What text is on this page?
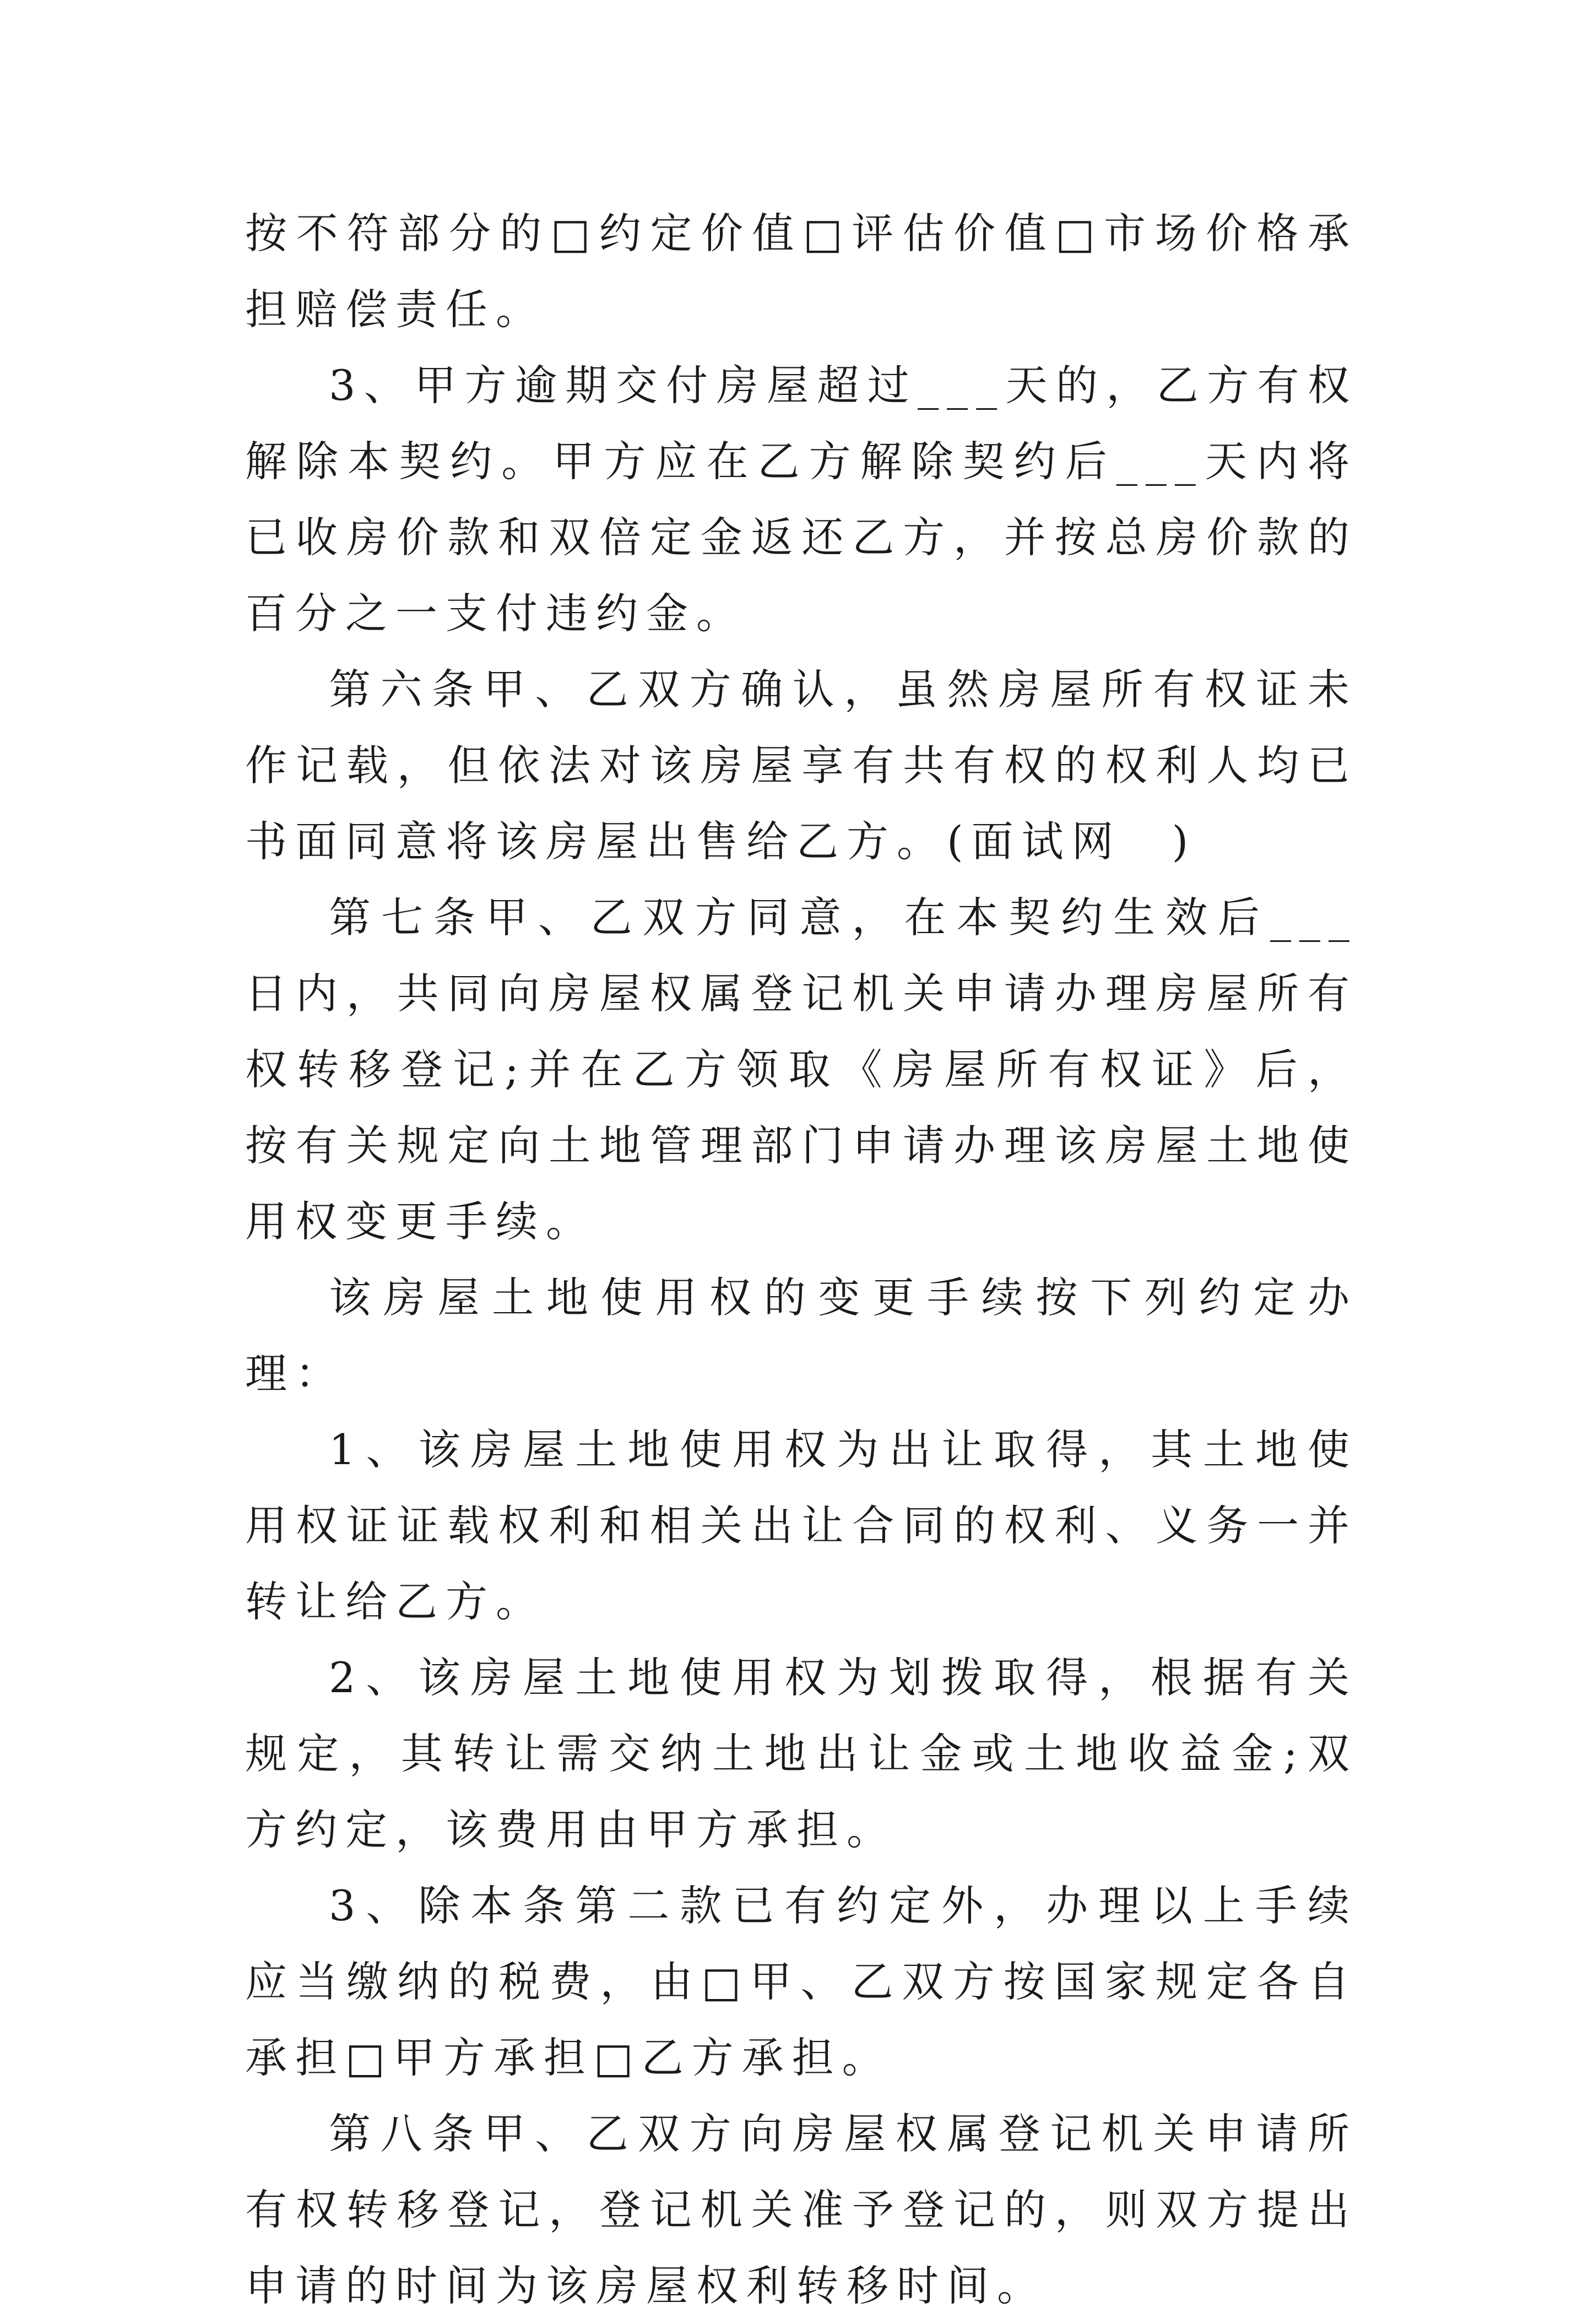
按不符部分的□约定价值□评估价值□市场价格承担赔偿责任。

3、甲方逾期交付房屋超过___天的，乙方有权解除本契约。甲方应在乙方解除契约后___天内将已收房价款和双倍定金返还乙方，并按总房价款的百分之一支付违约金。

第六条甲、乙双方确认，虽然房屋所有权证未作记载，但依法对该房屋享有共有权的权利人均已书面同意将该房屋出售给乙方。(面试网　)

第七条甲、乙双方同意，在本契约生效后___日内，共同向房屋权属登记机关申请办理房屋所有权转移登记;并在乙方领取《房屋所有权证》后，按有关规定向土地管理部门申请办理该房屋土地使用权变更手续。

该房屋土地使用权的变更手续按下列约定办理：

1、该房屋土地使用权为出让取得，其土地使用权证证载权利和相关出让合同的权利、义务一并转让给乙方。

2、该房屋土地使用权为划拨取得，根据有关规定，其转让需交纳土地出让金或土地收益金;双方约定，该费用由甲方承担。

3、除本条第二款已有约定外，办理以上手续应当缴纳的税费，由□甲、乙双方按国家规定各自承担□甲方承担□乙方承担。

第八条甲、乙双方向房屋权属登记机关申请所有权转移登记，登记机关准予登记的，则双方提出申请的时间为该房屋权利转移时间。
